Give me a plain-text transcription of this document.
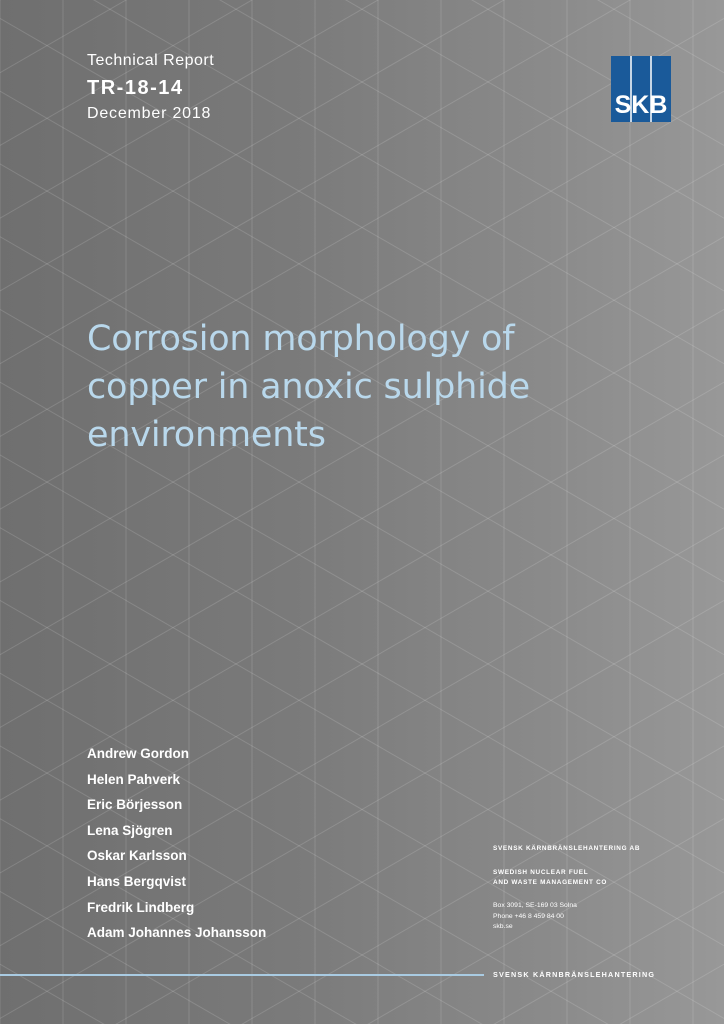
Technical Report
TR-18-14
December 2018	SKB
Corrosion morphology of copper in anoxic sulphide environments
Andrew Gordon
Helen Pahverk
Eric Börjesson
Lena Sjögren
Oskar Karlsson
Hans Bergqvist
Fredrik Lindberg
Adam Johannes Johansson
SVENSK KÄRNBRÄNSLEHANTERING AB
SWEDISH NUCLEAR FUEL
AND WASTE MANAGEMENT CO
Box 3091, SE-169 03 Solna
Phone +46 8 459 84 00
skb.se
SVENSK KÄRNBRÄNSLEHANTERING
